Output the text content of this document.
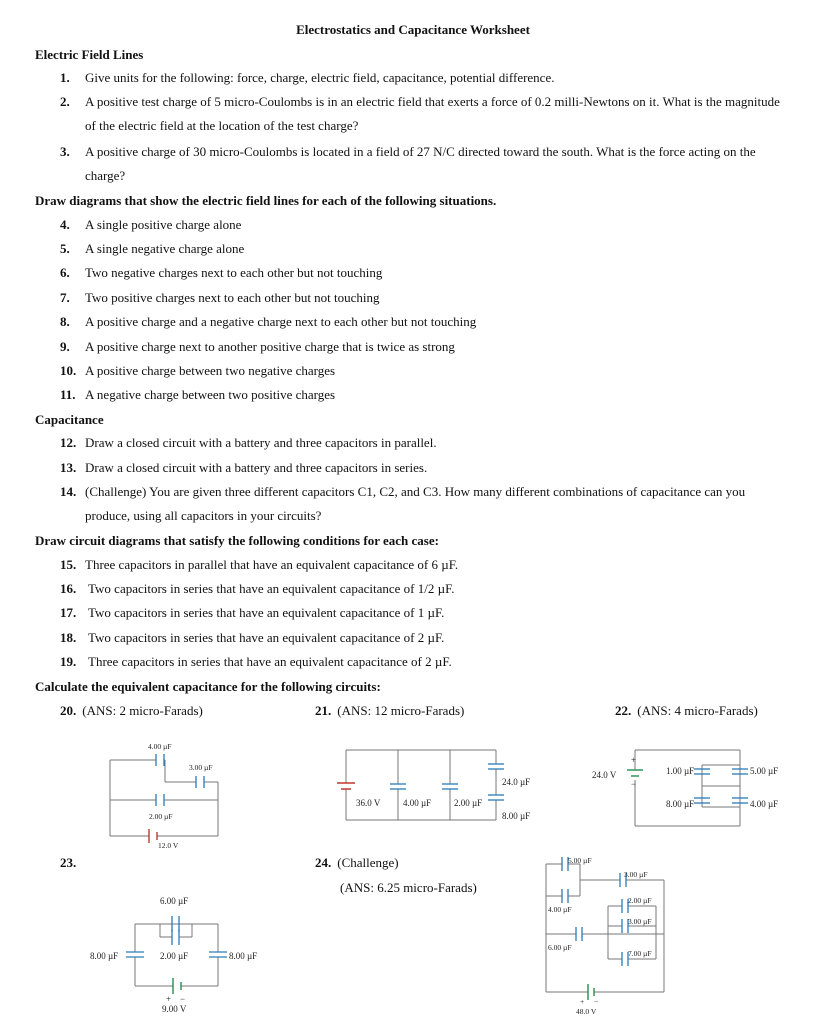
Electrostatics and Capacitance Worksheet
Electric Field Lines
1. Give units for the following: force, charge, electric field, capacitance, potential difference.
2. A positive test charge of 5 micro-Coulombs is in an electric field that exerts a force of 0.2 milli-Newtons on it. What is the magnitude of the electric field at the location of the test charge?
3. A positive charge of 30 micro-Coulombs is located in a field of 27 N/C directed toward the south. What is the force acting on the charge?
Draw diagrams that show the electric field lines for each of the following situations.
4. A single positive charge alone
5. A single negative charge alone
6. Two negative charges next to each other but not touching
7. Two positive charges next to each other but not touching
8. A positive charge and a negative charge next to each other but not touching
9. A positive charge next to another positive charge that is twice as strong
10. A positive charge between two negative charges
11. A negative charge between two positive charges
Capacitance
12. Draw a closed circuit with a battery and three capacitors in parallel.
13. Draw a closed circuit with a battery and three capacitors in series.
14. (Challenge) You are given three different capacitors C1, C2, and C3. How many different combinations of capacitance can you produce, using all capacitors in your circuits?
Draw circuit diagrams that satisfy the following conditions for each case:
15. Three capacitors in parallel that have an equivalent capacitance of 6 µF.
16. Two capacitors in series that have an equivalent capacitance of 1/2 µF.
17. Two capacitors in series that have an equivalent capacitance of 1 µF.
18. Two capacitors in series that have an equivalent capacitance of 2 µF.
19. Three capacitors in series that have an equivalent capacitance of 2 µF.
Calculate the equivalent capacitance for the following circuits:
20. (ANS: 2 micro-Farads)	21. (ANS: 12 micro-Farads)	22. (ANS: 4 micro-Farads)
23.	24. (Challenge)
(ANS: 6.25 micro-Farads)
4.00 µF
3.00 µF
2.00 µF
12.0 V
36.0 V	4.00 µF	2.00 µF
24.0 µF
8.00 µF
+
−
24.0 V	1.00 µF	5.00 µF
8.00 µF	4.00 µF
6.00 µF
8.00 µF	2.00 µF	8.00 µF
+ −
9.00 V
5.00 µF
4.00 µF
3.00 µF
2.00 µF
3.00 µF
6.00 µF
7.00 µF
+ −
48.0 V
